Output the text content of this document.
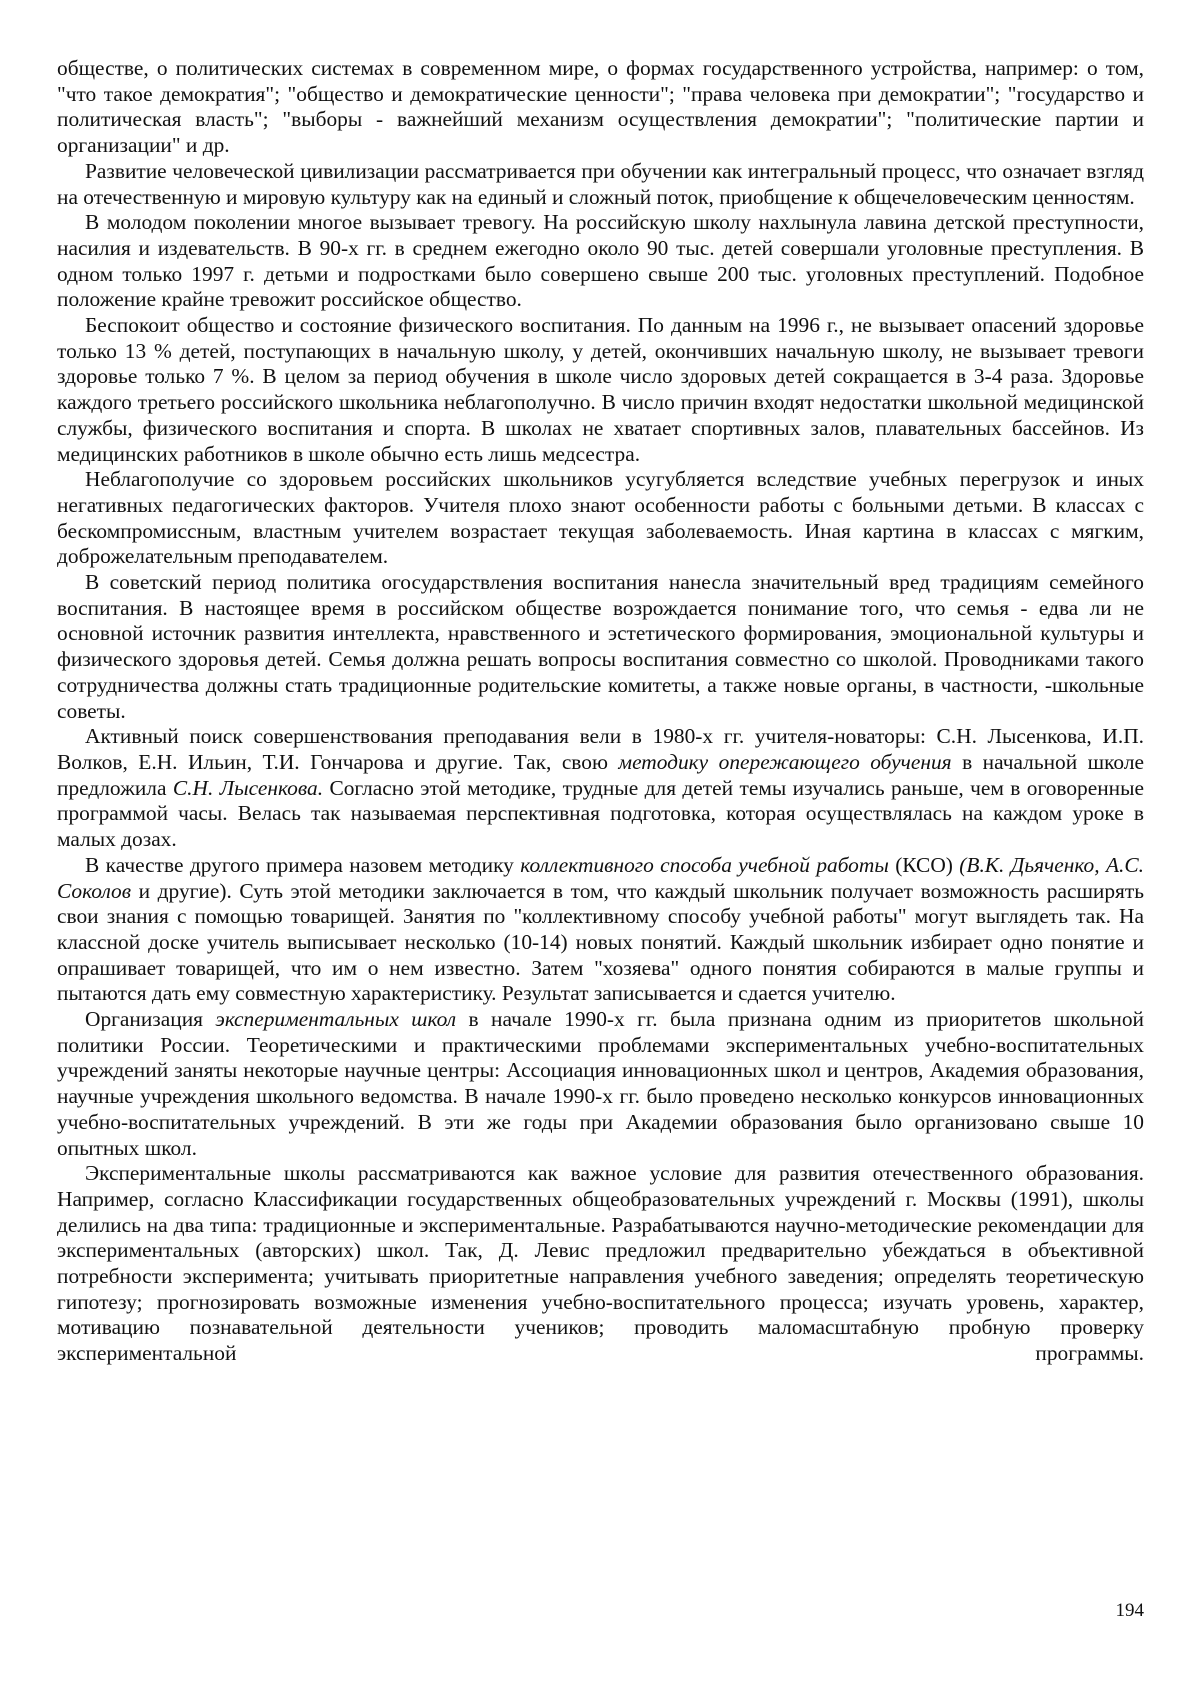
обществе, о политических системах в современном мире, о формах государственного устройства, например: о том, "что такое демократия"; "общество и демократические ценности"; "права человека при демократии"; "государство и политическая власть"; "выборы - важнейший механизм осуществления демократии"; "политические партии и организации" и др.

Развитие человеческой цивилизации рассматривается при обучении как интегральный процесс, что означает взгляд на отечественную и мировую культуру как на единый и сложный поток, приобщение к общечеловеческим ценностям.

В молодом поколении многое вызывает тревогу. На российскую школу нахлынула лавина детской преступности, насилия и издевательств. В 90-х гг. в среднем ежегодно около 90 тыс. детей совершали уголовные преступления. В одном только 1997 г. детьми и подростками было совершено свыше 200 тыс. уголовных преступлений. Подобное положение крайне тревожит российское общество.

Беспокоит общество и состояние физического воспитания. По данным на 1996 г., не вызывает опасений здоровье только 13 % детей, поступающих в начальную школу, у детей, окончивших начальную школу, не вызывает тревоги здоровье только 7 %. В целом за период обучения в школе число здоровых детей сокращается в 3-4 раза. Здоровье каждого третьего российского школьника неблагополучно. В число причин входят недостатки школьной медицинской службы, физического воспитания и спорта. В школах не хватает спортивных залов, плавательных бассейнов. Из медицинских работников в школе обычно есть лишь медсестра.

Неблагополучие со здоровьем российских школьников усугубляется вследствие учебных перегрузок и иных негативных педагогических факторов. Учителя плохо знают особенности работы с больными детьми. В классах с бескомпромиссным, властным учителем возрастает текущая заболеваемость. Иная картина в классах с мягким, доброжелательным преподавателем.

В советский период политика огосударствления воспитания нанесла значительный вред традициям семейного воспитания. В настоящее время в российском обществе возрождается понимание того, что семья - едва ли не основной источник развития интеллекта, нравственного и эстетического формирования, эмоциональной культуры и физического здоровья детей. Семья должна решать вопросы воспитания совместно со школой. Проводниками такого сотрудничества должны стать традиционные родительские комитеты, а также новые органы, в частности, -школьные советы.

Активный поиск совершенствования преподавания вели в 1980-х гг. учителя-новаторы: С.Н. Лысенкова, И.П. Волков, Е.Н. Ильин, Т.И. Гончарова и другие. Так, свою методику опережающего обучения в начальной школе предложила С.Н. Лысенкова. Согласно этой методике, трудные для детей темы изучались раньше, чем в оговоренные программой часы. Велась так называемая перспективная подготовка, которая осуществлялась на каждом уроке в малых дозах.

В качестве другого примера назовем методику коллективного способа учебной работы (КСО) (В.К. Дьяченко, А.С. Соколов и другие). Суть этой методики заключается в том, что каждый школьник получает возможность расширять свои знания с помощью товарищей. Занятия по "коллективному способу учебной работы" могут выглядеть так. На классной доске учитель выписывает несколько (10-14) новых понятий. Каждый школьник избирает одно понятие и опрашивает товарищей, что им о нем известно. Затем "хозяева" одного понятия собираются в малые группы и пытаются дать ему совместную характеристику. Результат записывается и сдается учителю.

Организация экспериментальных школ в начале 1990-х гг. была признана одним из приоритетов школьной политики России. Теоретическими и практическими проблемами экспериментальных учебно-воспитательных учреждений заняты некоторые научные центры: Ассоциация инновационных школ и центров, Академия образования, научные учреждения школьного ведомства. В начале 1990-х гг. было проведено несколько конкурсов инновационных учебно-воспитательных учреждений. В эти же годы при Академии образования было организовано свыше 10 опытных школ.

Экспериментальные школы рассматриваются как важное условие для развития отечественного образования. Например, согласно Классификации государственных общеобразовательных учреждений г. Москвы (1991), школы делились на два типа: традиционные и экспериментальные. Разрабатываются научно-методические рекомендации для экспериментальных (авторских) школ. Так, Д. Левис предложил предварительно убеждаться в объективной потребности эксперимента; учитывать приоритетные направления учебного заведения; определять теоретическую гипотезу; прогнозировать возможные изменения учебно-воспитательного процесса; изучать уровень, характер, мотивацию познавательной деятельности учеников; проводить маломасштабную пробную проверку экспериментальной программы.

194
